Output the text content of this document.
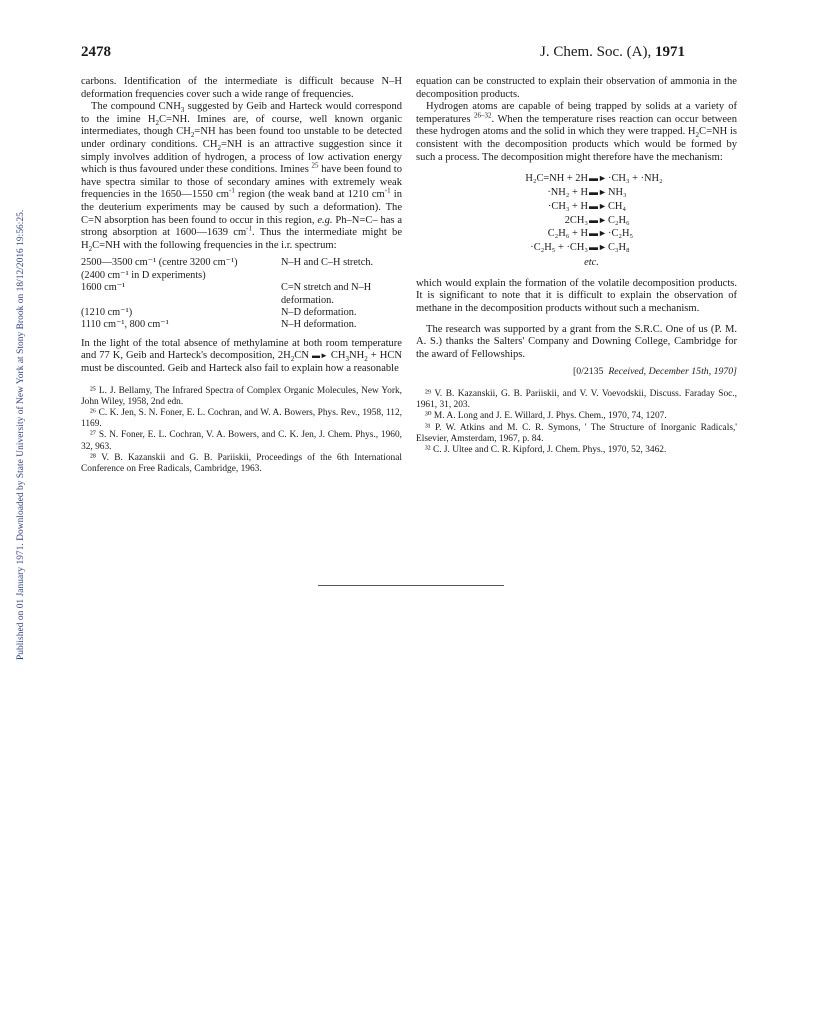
Published on 01 January 1971. Downloaded by State University of New York at Stony Brook on 18/12/2016 19:56:25.
2478	J. Chem. Soc. (A), 1971

carbons. Identification of the intermediate is difficult because N–H deformation frequencies cover such a wide range of frequencies.

The compound $CNH_3$ suggested by Geib and Harteck would correspond to the imine $H_2C=NH$. Imines are, of course, well known organic intermediates, though $CH_2=NH$ has been found too unstable to be detected under ordinary conditions. $CH_2=NH$ is an attractive suggestion since it simply involves addition of hydrogen, a process of low activation energy which is thus favoured under these conditions. Imines $^{25}$ have been found to have spectra similar to those of secondary amines with extremely weak frequencies in the 1650—1550 $cm^{-1}$ region (the weak band at 1210 $cm^{-1}$ in the deuterium experiments may be caused by such a deformation). The C=N absorption has been found to occur in this region, e.g. Ph–N=C– has a strong absorption at 1600—1639 $cm^{-1}$. Thus the intermediate might be $H_2C=NH$ with the following frequencies in the i.r. spectrum:

2500—3500 cm⁻¹ (centre 3200 cm⁻¹)	N–H and C–H stretch.
(2400 cm⁻¹ in D experiments)
1600 cm⁻¹	C=N stretch and N–H deformation.
(1210 cm⁻¹)	N–D deformation.
1110 cm⁻¹, 800 cm⁻¹	N–H deformation.

In the light of the total absence of methylamine at both room temperature and 77 K, Geib and Harteck's decomposition, $2H_2CN$ ▬► $CH_3NH_2$ + HCN must be discounted. Geib and Harteck also fail to explain how a reasonable

²⁵ L. J. Bellamy, The Infrared Spectra of Complex Organic Molecules, New York, John Wiley, 1958, 2nd edn.
²⁶ C. K. Jen, S. N. Foner, E. L. Cochran, and W. A. Bowers, Phys. Rev., 1958, 112, 1169.
²⁷ S. N. Foner, E. L. Cochran, V. A. Bowers, and C. K. Jen, J. Chem. Phys., 1960, 32, 963.
²⁸ V. B. Kazanskii and G. B. Pariiskii, Proceedings of the 6th International Conference on Free Radicals, Cambridge, 1963.

equation can be constructed to explain their observation of ammonia in the decomposition products.

Hydrogen atoms are capable of being trapped by solids at a variety of temperatures $^{26-32}$. When the temperature rises reaction can occur between these hydrogen atoms and the solid in which they were trapped. $H_2C=NH$ is consistent with the decomposition products which would be formed by such a process. The decomposition might therefore have the mechanism:

H₂C=NH + 2H ▬► ·CH₃ + ·NH₂
·NH₂ + H ▬► NH₃
·CH₃ + H ▬► CH₄
2CH₃ ▬► C₂H₆
C₂H₆ + H ▬► ·C₂H₅
·C₂H₅ + ·CH₃ ▬► C₃H₈
etc.

which would explain the formation of the volatile decomposition products. It is significant to note that it is difficult to explain the observation of methane in the decomposition products without such a mechanism.

The research was supported by a grant from the S.R.C. One of us (P. M. A. S.) thanks the Salters' Company and Downing College, Cambridge for the award of Fellowships.

[0/2135 Received, December 15th, 1970]
²⁹ V. B. Kazanskii, G. B. Pariiskii, and V. V. Voevodskii, Discuss. Faraday Soc., 1961, 31, 203.
³⁰ M. A. Long and J. E. Willard, J. Phys. Chem., 1970, 74, 1207.
³¹ P. W. Atkins and M. C. R. Symons, ' The Structure of Inorganic Radicals,' Elsevier, Amsterdam, 1967, p. 84.
³² C. J. Ultee and C. R. Kipford, J. Chem. Phys., 1970, 52, 3462.
